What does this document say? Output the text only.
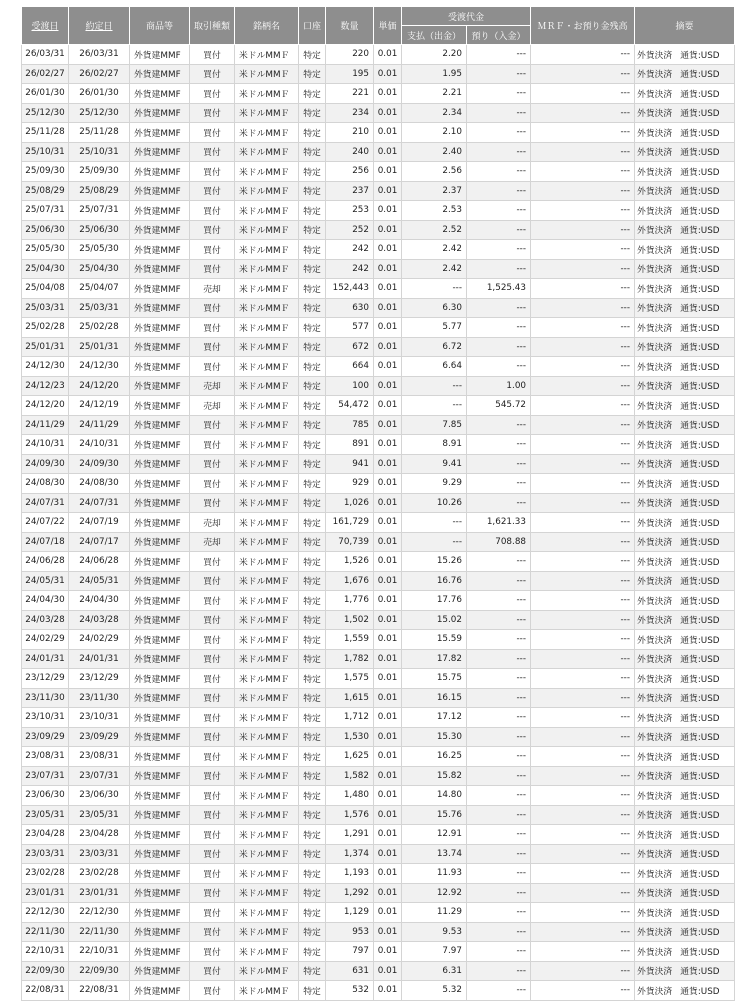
受渡日	約定日	商品等	取引種類	銘柄名	口座	数量	単価	受渡代金		ＭＲＦ・お預り金残高	摘要
								支払（出金）	預り（入金）		
26/03/31	26/03/31	外貨建MMF	買付	米ドルMMＦ	特定	220	0.01	2.20	---	---	外貨決済 通貨:USD
26/02/27	26/02/27	外貨建MMF	買付	米ドルMMＦ	特定	195	0.01	1.95	---	---	外貨決済 通貨:USD
26/01/30	26/01/30	外貨建MMF	買付	米ドルMMＦ	特定	221	0.01	2.21	---	---	外貨決済 通貨:USD
25/12/30	25/12/30	外貨建MMF	買付	米ドルMMＦ	特定	234	0.01	2.34	---	---	外貨決済 通貨:USD
25/11/28	25/11/28	外貨建MMF	買付	米ドルMMＦ	特定	210	0.01	2.10	---	---	外貨決済 通貨:USD
25/10/31	25/10/31	外貨建MMF	買付	米ドルMMＦ	特定	240	0.01	2.40	---	---	外貨決済 通貨:USD
25/09/30	25/09/30	外貨建MMF	買付	米ドルMMＦ	特定	256	0.01	2.56	---	---	外貨決済 通貨:USD
25/08/29	25/08/29	外貨建MMF	買付	米ドルMMＦ	特定	237	0.01	2.37	---	---	外貨決済 通貨:USD
25/07/31	25/07/31	外貨建MMF	買付	米ドルMMＦ	特定	253	0.01	2.53	---	---	外貨決済 通貨:USD
25/06/30	25/06/30	外貨建MMF	買付	米ドルMMＦ	特定	252	0.01	2.52	---	---	外貨決済 通貨:USD
25/05/30	25/05/30	外貨建MMF	買付	米ドルMMＦ	特定	242	0.01	2.42	---	---	外貨決済 通貨:USD
25/04/30	25/04/30	外貨建MMF	買付	米ドルMMＦ	特定	242	0.01	2.42	---	---	外貨決済 通貨:USD
25/04/08	25/04/07	外貨建MMF	売却	米ドルMMＦ	特定	152,443	0.01	---	1,525.43	---	外貨決済 通貨:USD
25/03/31	25/03/31	外貨建MMF	買付	米ドルMMＦ	特定	630	0.01	6.30	---	---	外貨決済 通貨:USD
25/02/28	25/02/28	外貨建MMF	買付	米ドルMMＦ	特定	577	0.01	5.77	---	---	外貨決済 通貨:USD
25/01/31	25/01/31	外貨建MMF	買付	米ドルMMＦ	特定	672	0.01	6.72	---	---	外貨決済 通貨:USD
24/12/30	24/12/30	外貨建MMF	買付	米ドルMMＦ	特定	664	0.01	6.64	---	---	外貨決済 通貨:USD
24/12/23	24/12/20	外貨建MMF	売却	米ドルMMＦ	特定	100	0.01	---	1.00	---	外貨決済 通貨:USD
24/12/20	24/12/19	外貨建MMF	売却	米ドルMMＦ	特定	54,472	0.01	---	545.72	---	外貨決済 通貨:USD
24/11/29	24/11/29	外貨建MMF	買付	米ドルMMＦ	特定	785	0.01	7.85	---	---	外貨決済 通貨:USD
24/10/31	24/10/31	外貨建MMF	買付	米ドルMMＦ	特定	891	0.01	8.91	---	---	外貨決済 通貨:USD
24/09/30	24/09/30	外貨建MMF	買付	米ドルMMＦ	特定	941	0.01	9.41	---	---	外貨決済 通貨:USD
24/08/30	24/08/30	外貨建MMF	買付	米ドルMMＦ	特定	929	0.01	9.29	---	---	外貨決済 通貨:USD
24/07/31	24/07/31	外貨建MMF	買付	米ドルMMＦ	特定	1,026	0.01	10.26	---	---	外貨決済 通貨:USD
24/07/22	24/07/19	外貨建MMF	売却	米ドルMMＦ	特定	161,729	0.01	---	1,621.33	---	外貨決済 通貨:USD
24/07/18	24/07/17	外貨建MMF	売却	米ドルMMＦ	特定	70,739	0.01	---	708.88	---	外貨決済 通貨:USD
24/06/28	24/06/28	外貨建MMF	買付	米ドルMMＦ	特定	1,526	0.01	15.26	---	---	外貨決済 通貨:USD
24/05/31	24/05/31	外貨建MMF	買付	米ドルMMＦ	特定	1,676	0.01	16.76	---	---	外貨決済 通貨:USD
24/04/30	24/04/30	外貨建MMF	買付	米ドルMMＦ	特定	1,776	0.01	17.76	---	---	外貨決済 通貨:USD
24/03/28	24/03/28	外貨建MMF	買付	米ドルMMＦ	特定	1,502	0.01	15.02	---	---	外貨決済 通貨:USD
24/02/29	24/02/29	外貨建MMF	買付	米ドルMMＦ	特定	1,559	0.01	15.59	---	---	外貨決済 通貨:USD
24/01/31	24/01/31	外貨建MMF	買付	米ドルMMＦ	特定	1,782	0.01	17.82	---	---	外貨決済 通貨:USD
23/12/29	23/12/29	外貨建MMF	買付	米ドルMMＦ	特定	1,575	0.01	15.75	---	---	外貨決済 通貨:USD
23/11/30	23/11/30	外貨建MMF	買付	米ドルMMＦ	特定	1,615	0.01	16.15	---	---	外貨決済 通貨:USD
23/10/31	23/10/31	外貨建MMF	買付	米ドルMMＦ	特定	1,712	0.01	17.12	---	---	外貨決済 通貨:USD
23/09/29	23/09/29	外貨建MMF	買付	米ドルMMＦ	特定	1,530	0.01	15.30	---	---	外貨決済 通貨:USD
23/08/31	23/08/31	外貨建MMF	買付	米ドルMMＦ	特定	1,625	0.01	16.25	---	---	外貨決済 通貨:USD
23/07/31	23/07/31	外貨建MMF	買付	米ドルMMＦ	特定	1,582	0.01	15.82	---	---	外貨決済 通貨:USD
23/06/30	23/06/30	外貨建MMF	買付	米ドルMMＦ	特定	1,480	0.01	14.80	---	---	外貨決済 通貨:USD
23/05/31	23/05/31	外貨建MMF	買付	米ドルMMＦ	特定	1,576	0.01	15.76	---	---	外貨決済 通貨:USD
23/04/28	23/04/28	外貨建MMF	買付	米ドルMMＦ	特定	1,291	0.01	12.91	---	---	外貨決済 通貨:USD
23/03/31	23/03/31	外貨建MMF	買付	米ドルMMＦ	特定	1,374	0.01	13.74	---	---	外貨決済 通貨:USD
23/02/28	23/02/28	外貨建MMF	買付	米ドルMMＦ	特定	1,193	0.01	11.93	---	---	外貨決済 通貨:USD
23/01/31	23/01/31	外貨建MMF	買付	米ドルMMＦ	特定	1,292	0.01	12.92	---	---	外貨決済 通貨:USD
22/12/30	22/12/30	外貨建MMF	買付	米ドルMMＦ	特定	1,129	0.01	11.29	---	---	外貨決済 通貨:USD
22/11/30	22/11/30	外貨建MMF	買付	米ドルMMＦ	特定	953	0.01	9.53	---	---	外貨決済 通貨:USD
22/10/31	22/10/31	外貨建MMF	買付	米ドルMMＦ	特定	797	0.01	7.97	---	---	外貨決済 通貨:USD
22/09/30	22/09/30	外貨建MMF	買付	米ドルMMＦ	特定	631	0.01	6.31	---	---	外貨決済 通貨:USD
22/08/31	22/08/31	外貨建MMF	買付	米ドルMMＦ	特定	532	0.01	5.32	---	---	外貨決済 通貨:USD
